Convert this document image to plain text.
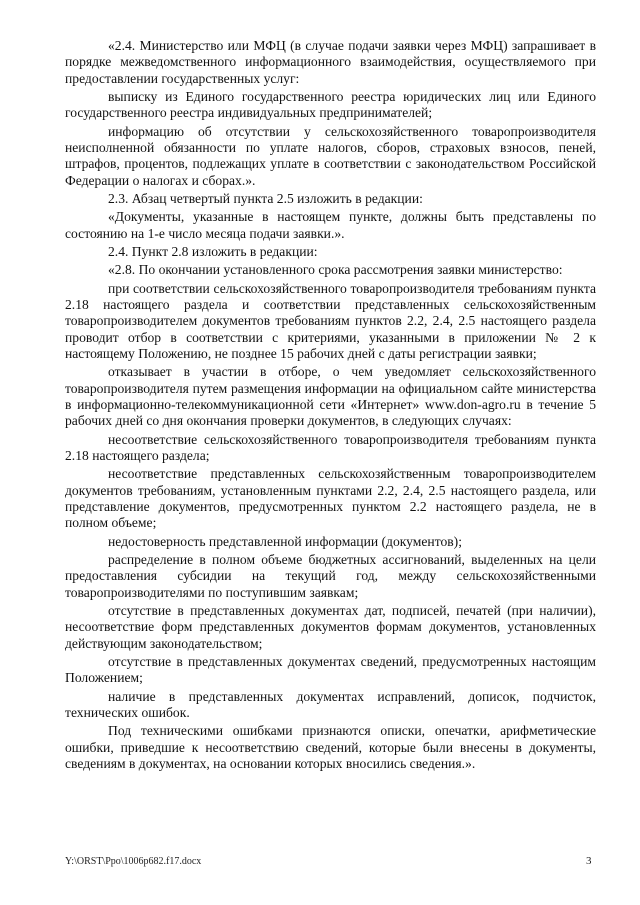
«2.4. Министерство или МФЦ (в случае подачи заявки через МФЦ) запрашивает в порядке межведомственного информационного взаимодействия, осуществляемого при предоставлении государственных услуг:

выписку из Единого государственного реестра юридических лиц или Единого государственного реестра индивидуальных предпринимателей;

информацию об отсутствии у сельскохозяйственного товаропроизводителя неисполненной обязанности по уплате налогов, сборов, страховых взносов, пеней, штрафов, процентов, подлежащих уплате в соответствии с законодательством Российской Федерации о налогах и сборах.».

2.3. Абзац четвертый пункта 2.5 изложить в редакции:

«Документы, указанные в настоящем пункте, должны быть представлены по состоянию на 1-е число месяца подачи заявки.».

2.4. Пункт 2.8 изложить в редакции:

«2.8. По окончании установленного срока рассмотрения заявки министерство:

при соответствии сельскохозяйственного товаропроизводителя требованиям пункта 2.18 настоящего раздела и соответствии представленных сельскохозяйственным товаропроизводителем документов требованиям пунктов 2.2, 2.4, 2.5 настоящего раздела проводит отбор в соответствии с критериями, указанными в приложении № 2 к настоящему Положению, не позднее 15 рабочих дней с даты регистрации заявки;

отказывает в участии в отборе, о чем уведомляет сельскохозяйственного товаропроизводителя путем размещения информации на официальном сайте министерства в информационно-телекоммуникационной сети «Интернет» www.don-agro.ru в течение 5 рабочих дней со дня окончания проверки документов, в следующих случаях:

несоответствие сельскохозяйственного товаропроизводителя требованиям пункта 2.18 настоящего раздела;

несоответствие представленных сельскохозяйственным товаропроизводителем документов требованиям, установленным пунктами 2.2, 2.4, 2.5 настоящего раздела, или представление документов, предусмотренных пунктом 2.2 настоящего раздела, не в полном объеме;

недостоверность представленной информации (документов);

распределение в полном объеме бюджетных ассигнований, выделенных на цели предоставления субсидии на текущий год, между сельскохозяйственными товаропроизводителями по поступившим заявкам;

отсутствие в представленных документах дат, подписей, печатей (при наличии), несоответствие форм представленных документов формам документов, установленных действующим законодательством;

отсутствие в представленных документах сведений, предусмотренных настоящим Положением;

наличие в представленных документах исправлений, дописок, подчисток, технических ошибок.

Под техническими ошибками признаются описки, опечатки, арифметические ошибки, приведшие к несоответствию сведений, которые были внесены в документы, сведениям в документах, на основании которых вносились сведения.».

Y:\ORST\Ppo\1006p682.f17.docx	3
